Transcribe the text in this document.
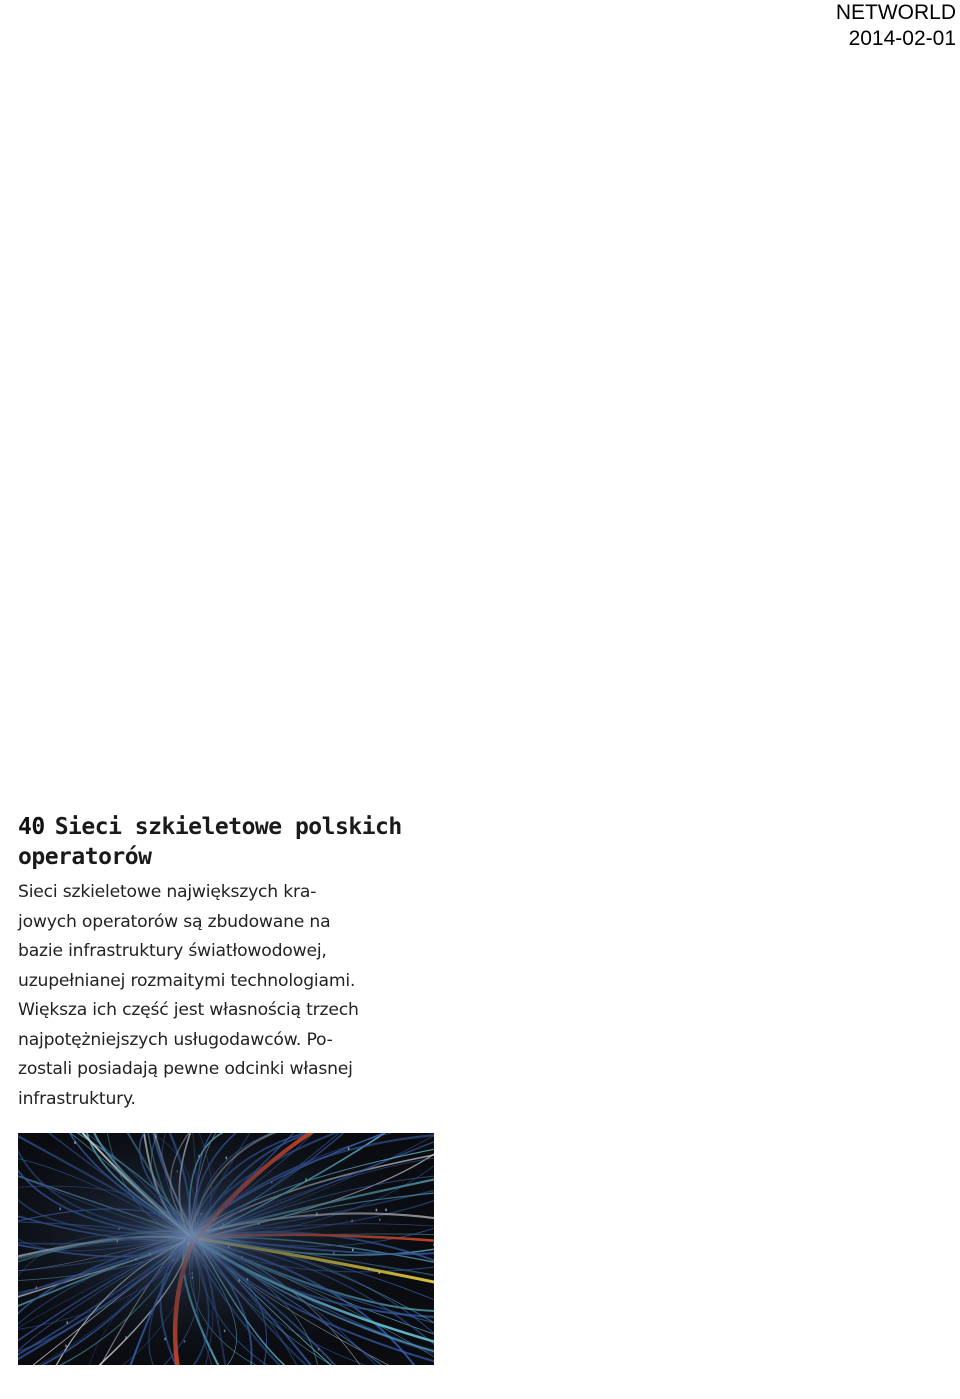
NETWORLD
2014-02-01
40 Sieci szkieletowe polskich operatorów

Sieci szkieletowe największych kra-
jowych operatorów są zbudowane na
bazie infrastruktury światłowodowej,
uzupełnianej rozmaitymi technologiami.
Większa ich część jest własnością trzech
najpotężniejszych usługodawców. Po-
zostali posiadają pewne odcinki własnej
infrastruktury.
